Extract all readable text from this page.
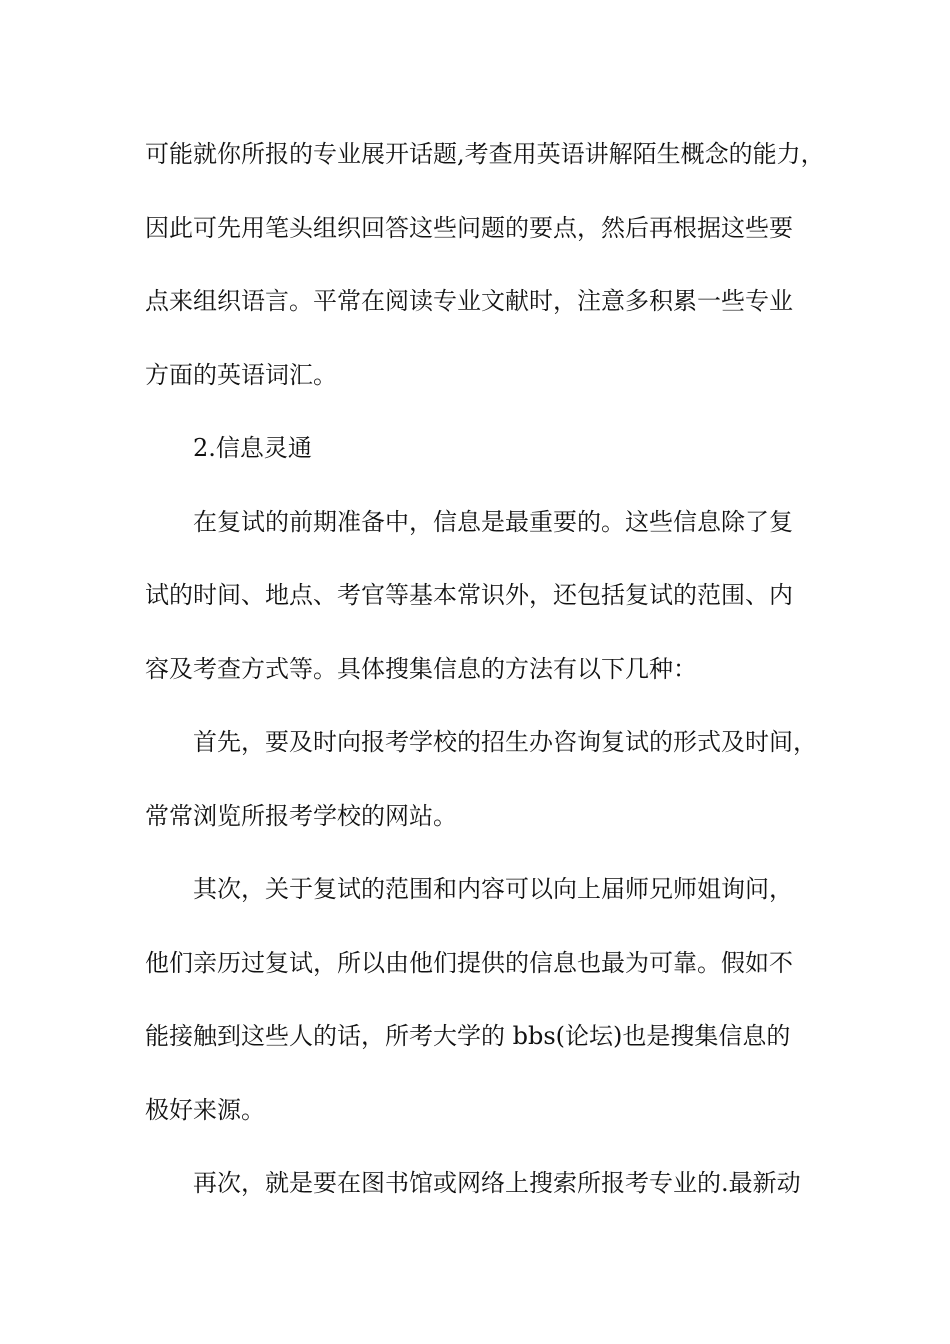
可能就你所报的专业展开话题,考查用英语讲解陌生概念的能力，
因此可先用笔头组织回答这些问题的要点，然后再根据这些要
点来组织语言。平常在阅读专业文献时，注意多积累一些专业
方面的英语词汇。
2.信息灵通
在复试的前期准备中，信息是最重要的。这些信息除了复
试的时间、地点、考官等基本常识外，还包括复试的范围、内
容及考查方式等。具体搜集信息的方法有以下几种：
首先，要及时向报考学校的招生办咨询复试的形式及时间，
常常浏览所报考学校的网站。
其次，关于复试的范围和内容可以向上届师兄师姐询问，
他们亲历过复试，所以由他们提供的信息也最为可靠。假如不
能接触到这些人的话，所考大学的 bbs(论坛)也是搜集信息的
极好来源。
再次，就是要在图书馆或网络上搜索所报考专业的.最新动
